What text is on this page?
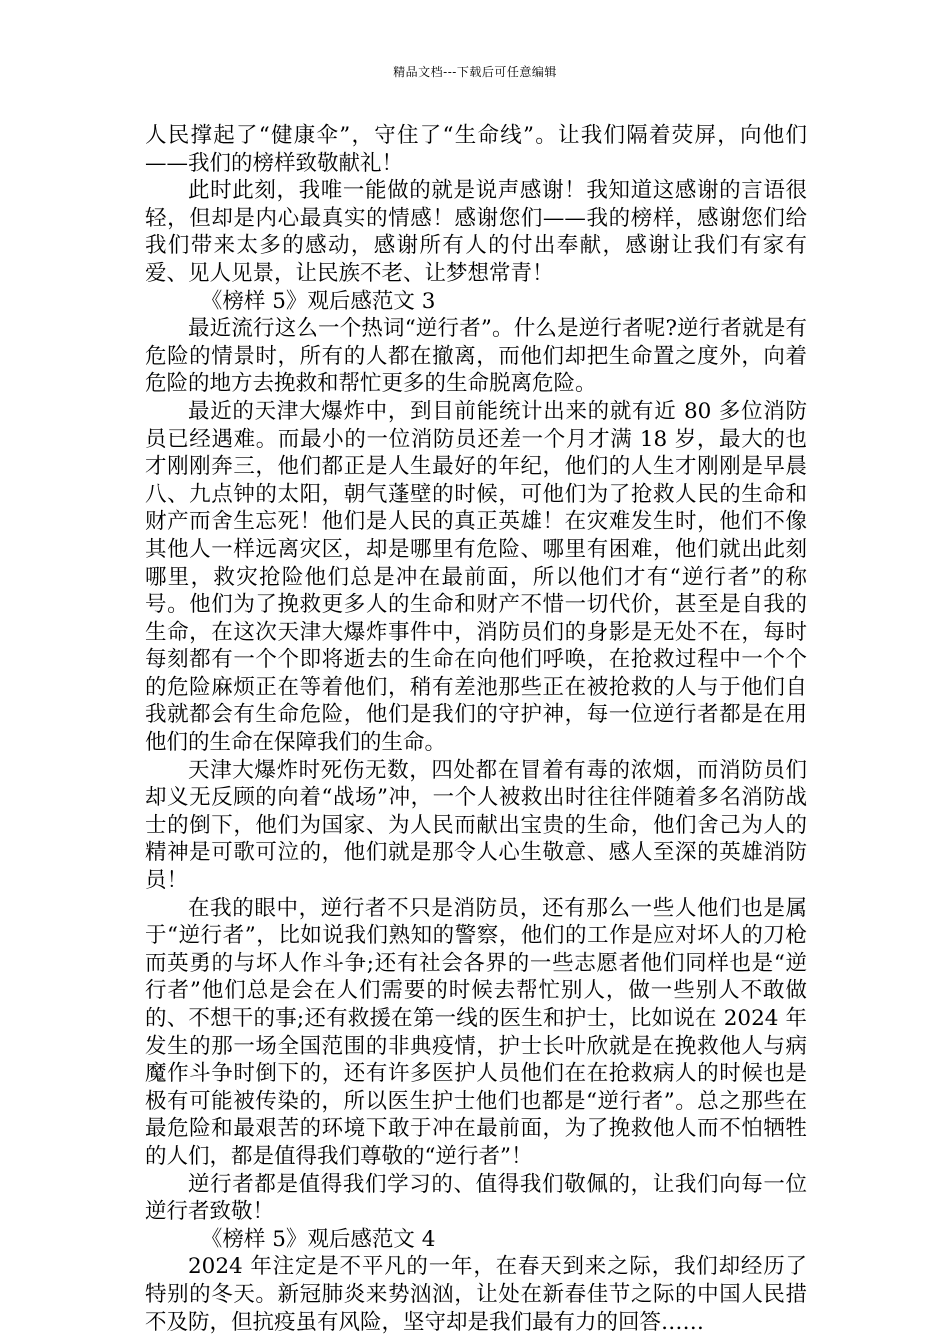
精品文档---下载后可任意编辑

人民撑起了“健康伞”，守住了“生命线”。让我们隔着荧屏，向他们——我们的榜样致敬献礼！

此时此刻，我唯一能做的就是说声感谢！我知道这感谢的言语很轻，但却是内心最真实的情感！感谢您们——我的榜样，感谢您们给我们带来太多的感动，感谢所有人的付出奉献，感谢让我们有家有爱、见人见景，让民族不老、让梦想常青！

《榜样 5》观后感范文 3

最近流行这么一个热词“逆行者”。什么是逆行者呢?逆行者就是有危险的情景时，所有的人都在撤离，而他们却把生命置之度外，向着危险的地方去挽救和帮忙更多的生命脱离危险。

最近的天津大爆炸中，到目前能统计出来的就有近 80 多位消防员已经遇难。而最小的一位消防员还差一个月才满 18 岁，最大的也才刚刚奔三，他们都正是人生最好的年纪，他们的人生才刚刚是早晨八、九点钟的太阳，朝气蓬壁的时候，可他们为了抢救人民的生命和财产而舍生忘死！他们是人民的真正英雄！在灾难发生时，他们不像其他人一样远离灾区，却是哪里有危险、哪里有困难，他们就出此刻哪里，救灾抢险他们总是冲在最前面，所以他们才有“逆行者”的称号。他们为了挽救更多人的生命和财产不惜一切代价，甚至是自我的生命，在这次天津大爆炸事件中，消防员们的身影是无处不在，每时每刻都有一个个即将逝去的生命在向他们呼唤，在抢救过程中一个个的危险麻烦正在等着他们，稍有差池那些正在被抢救的人与于他们自我就都会有生命危险，他们是我们的守护神，每一位逆行者都是在用他们的生命在保障我们的生命。

天津大爆炸时死伤无数，四处都在冒着有毒的浓烟，而消防员们却义无反顾的向着“战场”冲，一个人被救出时往往伴随着多名消防战士的倒下，他们为国家、为人民而献出宝贵的生命，他们舍己为人的精神是可歌可泣的，他们就是那令人心生敬意、感人至深的英雄消防员！

在我的眼中，逆行者不只是消防员，还有那么一些人他们也是属于“逆行者”，比如说我们熟知的警察，他们的工作是应对坏人的刀枪而英勇的与坏人作斗争;还有社会各界的一些志愿者他们同样也是“逆行者”他们总是会在人们需要的时候去帮忙别人，做一些别人不敢做的、不想干的事;还有救援在第一线的医生和护士，比如说在 2024 年发生的那一场全国范围的非典疫情，护士长叶欣就是在挽救他人与病魔作斗争时倒下的，还有许多医护人员他们在在抢救病人的时候也是极有可能被传染的，所以医生护士他们也都是“逆行者”。总之那些在最危险和最艰苦的环境下敢于冲在最前面，为了挽救他人而不怕牺牲的人们，都是值得我们尊敬的“逆行者”！

逆行者都是值得我们学习的、值得我们敬佩的，让我们向每一位逆行者致敬！

《榜样 5》观后感范文 4

2024 年注定是不平凡的一年，在春天到来之际，我们却经历了特别的冬天。新冠肺炎来势汹汹，让处在新春佳节之际的中国人民措不及防，但抗疫虽有风险，坚守却是我们最有力的回答……
